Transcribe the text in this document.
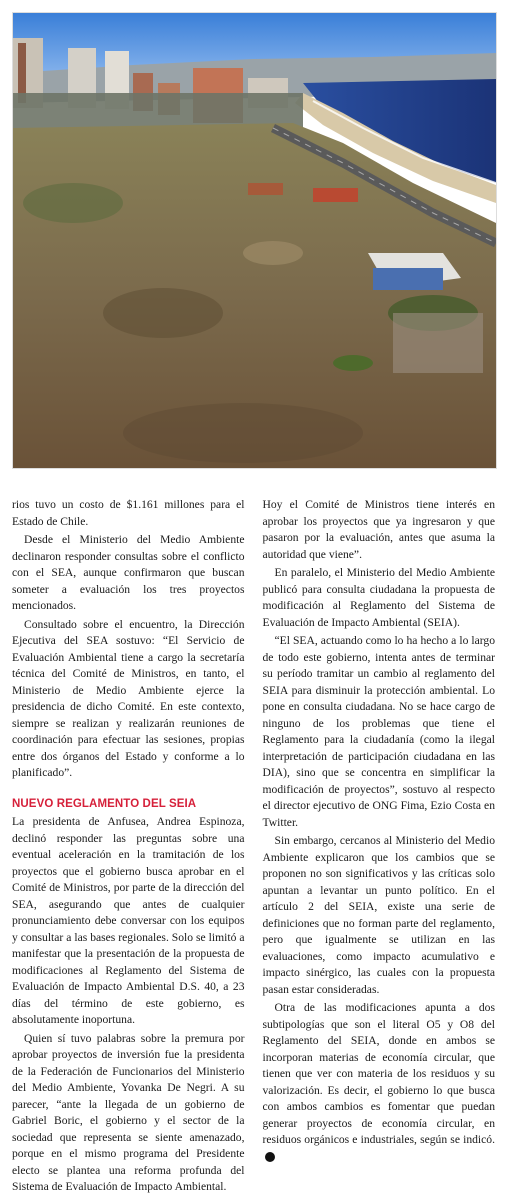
rios tuvo un costo de $1.161 millones para el Estado de Chile.

Desde el Ministerio del Medio Ambiente declinaron responder consultas sobre el conflicto con el SEA, aunque confirmaron que buscan someter a evaluación los tres proyectos mencionados.

Consultado sobre el encuentro, la Dirección Ejecutiva del SEA sostuvo: “El Servicio de Evaluación Ambiental tiene a cargo la secretaría técnica del Comité de Ministros, en tanto, el Ministerio de Medio Ambiente ejerce la presidencia de dicho Comité. En este contexto, siempre se realizan y realizarán reuniones de coordinación para efectuar las sesiones, propias entre dos órganos del Estado y conforme a lo planificado”.

NUEVO REGLAMENTO DEL SEIA

La presidenta de Anfusea, Andrea Espinoza, declinó responder las preguntas sobre una eventual aceleración en la tramitación de los proyectos que el gobierno busca aprobar en el Comité de Ministros, por parte de la dirección del SEA, asegurando que antes de cualquier pronunciamiento debe conversar con los equipos y consultar a las bases regionales. Solo se limitó a manifestar que la presentación de la propuesta de modificaciones al Reglamento del Sistema de Evaluación de Impacto Ambiental D.S. 40, a 23 días del término de este gobierno, es absolutamente inoportuna.

Quien sí tuvo palabras sobre la premura por aprobar proyectos de inversión fue la presidenta de la Federación de Funcionarios del Ministerio del Medio Ambiente, Yovanka De Negri. A su parecer, “ante la llegada de un gobierno de Gabriel Boric, el gobierno y el sector de la sociedad que representa se siente amenazado, porque en el mismo programa del Presidente electo se plantea una reforma profunda del Sistema de Evaluación de Impacto Ambiental.

Hoy el Comité de Ministros tiene interés en aprobar los proyectos que ya ingresaron y que pasaron por la evaluación, antes que asuma la autoridad que viene”.

En paralelo, el Ministerio del Medio Ambiente publicó para consulta ciudadana la propuesta de modificación al Reglamento del Sistema de Evaluación de Impacto Ambiental (SEIA).

“El SEA, actuando como lo ha hecho a lo largo de todo este gobierno, intenta antes de terminar su período tramitar un cambio al reglamento del SEIA para disminuir la protección ambiental. Lo pone en consulta ciudadana. No se hace cargo de ninguno de los problemas que tiene el Reglamento para la ciudadanía (como la ilegal interpretación de participación ciudadana en las DIA), sino que se concentra en simplificar la modificación de proyectos”, sostuvo al respecto el director ejecutivo de ONG Fima, Ezio Costa en Twitter.

Sin embargo, cercanos al Ministerio del Medio Ambiente explicaron que los cambios que se proponen no son significativos y las críticas solo apuntan a levantar un punto político. En el artículo 2 del SEIA, existe una serie de definiciones que no forman parte del reglamento, pero que igualmente se utilizan en las evaluaciones, como impacto acumulativo e impacto sinérgico, las cuales con la propuesta pasan estar consideradas.

Otra de las modificaciones apunta a dos subtipologías que son el literal O5 y O8 del Reglamento del SEIA, donde en ambos se incorporan materias de economía circular, que tienen que ver con materia de los residuos y su valorización. Es decir, el gobierno lo que busca con ambos cambios es fomentar que puedan generar proyectos de economía circular, en residuos orgánicos e industriales, según se indicó.P
